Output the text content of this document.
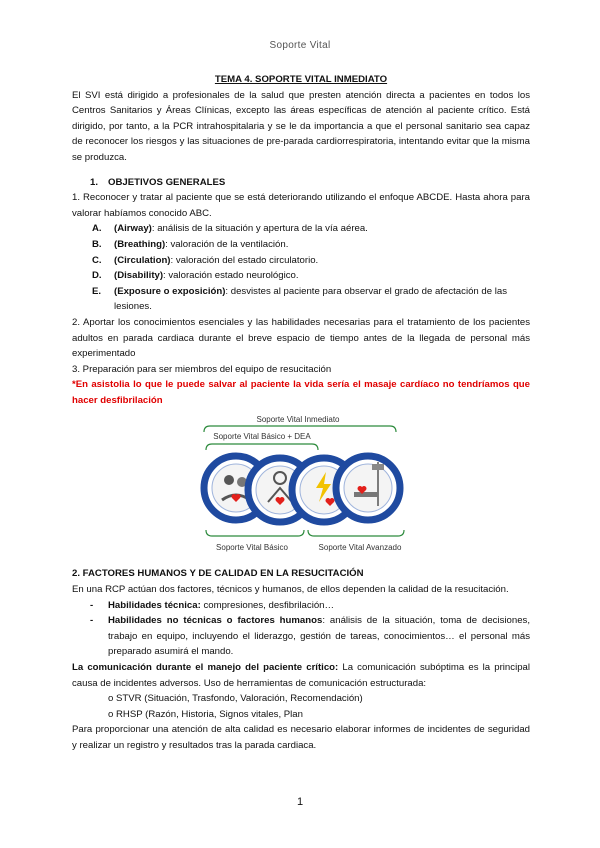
Soporte Vital

TEMA 4. SOPORTE VITAL INMEDIATO

El SVI está dirigido a profesionales de la salud que presten atención directa a pacientes en todos los Centros Sanitarios y Áreas Clínicas, excepto las áreas específicas de atención al paciente crítico. Está dirigido, por tanto, a la PCR intrahospitalaria y se le da importancia a que el personal sanitario sea capaz de reconocer los riesgos y las situaciones de pre-parada cardiorrespiratoria, intentando evitar que la misma se produzca.

1. OBJETIVOS GENERALES

1. Reconocer y tratar al paciente que se está deteriorando utilizando el enfoque ABCDE. Hasta ahora para valorar habíamos conocido ABC.

A.	(Airway): análisis de la situación y apertura de la vía aérea.
B.	(Breathing): valoración de la ventilación.
C.	(Circulation): valoración del estado circulatorio.
D.	(Disability): valoración estado neurológico.
E.	(Exposure o exposición): desvistes al paciente para observar el grado de afectación de las lesiones.

2. Aportar los conocimientos esenciales y las habilidades necesarias para el tratamiento de los pacientes adultos en parada cardiaca durante el breve espacio de tiempo antes de la llegada de personal más experimentado

3. Preparación para ser miembros del equipo de resucitación

*En asistolia lo que le puede salvar al paciente la vida sería el masaje cardíaco no tendríamos que hacer desfibrilación

Soporte Vital Inmediato
Soporte Vital Básico + DEA
Soporte Vital Básico	Soporte Vital Avanzado

2. FACTORES HUMANOS Y DE CALIDAD EN LA RESUCITACIÓN

En una RCP actúan dos factores, técnicos y humanos, de ellos dependen la calidad de la resucitación.

-	Habilidades técnica: compresiones, desfibrilación…
-	Habilidades no técnicas o factores humanos: análisis de la situación, toma de decisiones, trabajo en equipo, incluyendo el liderazgo, gestión de tareas, conocimientos… el personal más preparado asumirá el mando.

La comunicación durante el manejo del paciente crítico: La comunicación subóptima es la principal causa de incidentes adversos. Uso de herramientas de comunicación estructurada:

o STVR (Situación, Trasfondo, Valoración, Recomendación)

o RHSP (Razón, Historia, Signos vitales, Plan

Para proporcionar una atención de alta calidad es necesario elaborar informes de incidentes de seguridad y realizar un registro y resultados tras la parada cardiaca.

1
